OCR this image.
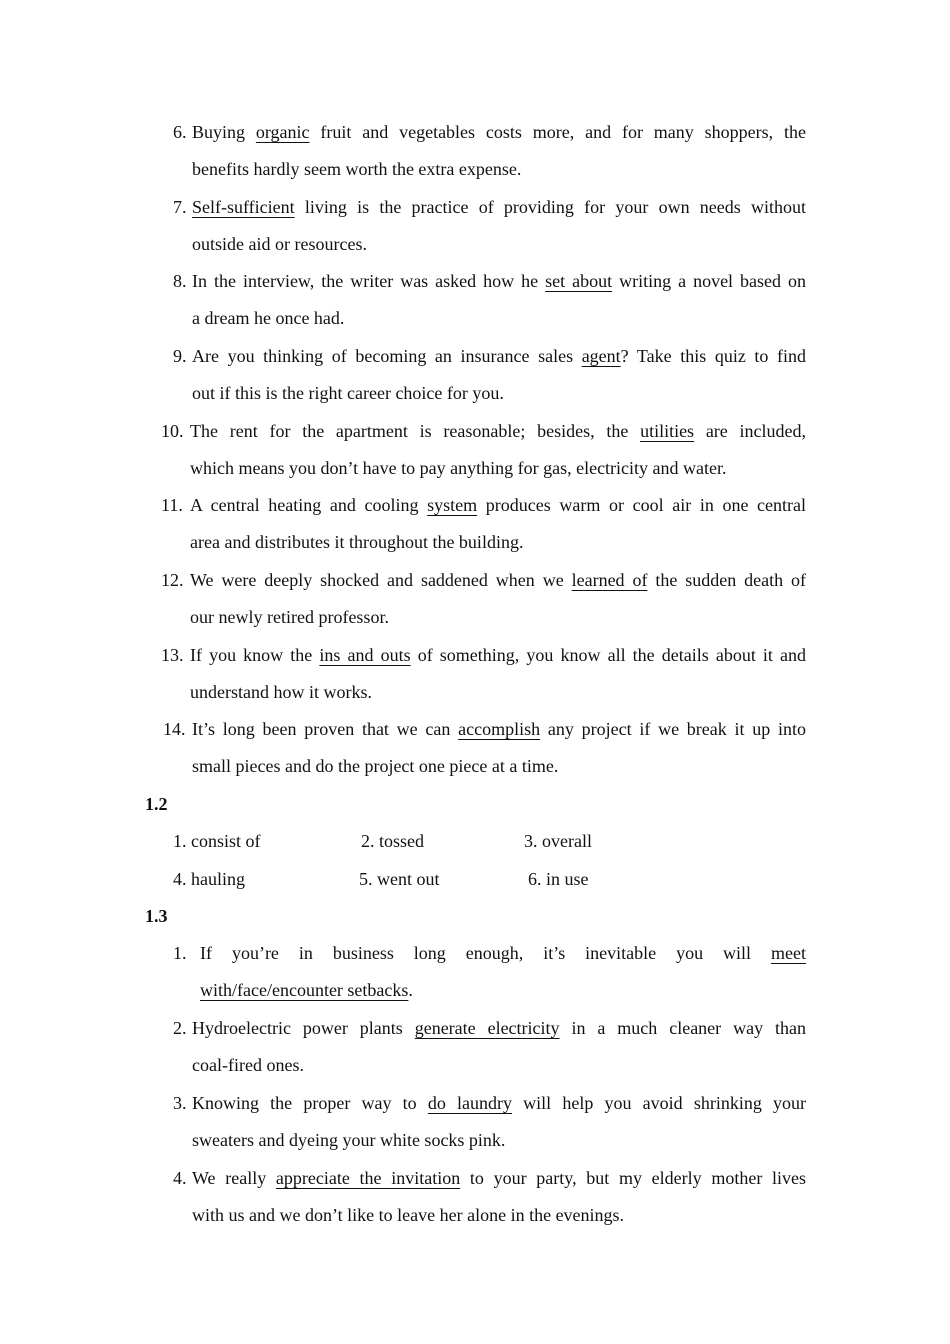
6. Buying organic fruit and vegetables costs more, and for many shoppers, the
benefits hardly seem worth the extra expense.
7. Self-sufficient living is the practice of providing for your own needs without
outside aid or resources.
8. In the interview, the writer was asked how he set about writing a novel based on
a dream he once had.
9. Are you thinking of becoming an insurance sales agent? Take this quiz to find
out if this is the right career choice for you.
10. The rent for the apartment is reasonable; besides, the utilities are included,
which means you don’t have to pay anything for gas, electricity and water.
11. A central heating and cooling system produces warm or cool air in one central
area and distributes it throughout the building.
12. We were deeply shocked and saddened when we learned of the sudden death of
our newly retired professor.
13. If you know the ins and outs of something, you know all the details about it and
understand how it works.
14. It’s long been proven that we can accomplish any project if we break it up into
small pieces and do the project one piece at a time.
1.2
1. consist of	2. tossed	3. overall
4. hauling	5. went out	6. in use
1.3
1. If you’re in business long enough, it’s inevitable you will meet
with/face/encounter setbacks.
2. Hydroelectric power plants generate electricity in a much cleaner way than
coal-fired ones.
3. Knowing the proper way to do laundry will help you avoid shrinking your
sweaters and dyeing your white socks pink.
4. We really appreciate the invitation to your party, but my elderly mother lives
with us and we don’t like to leave her alone in the evenings.
